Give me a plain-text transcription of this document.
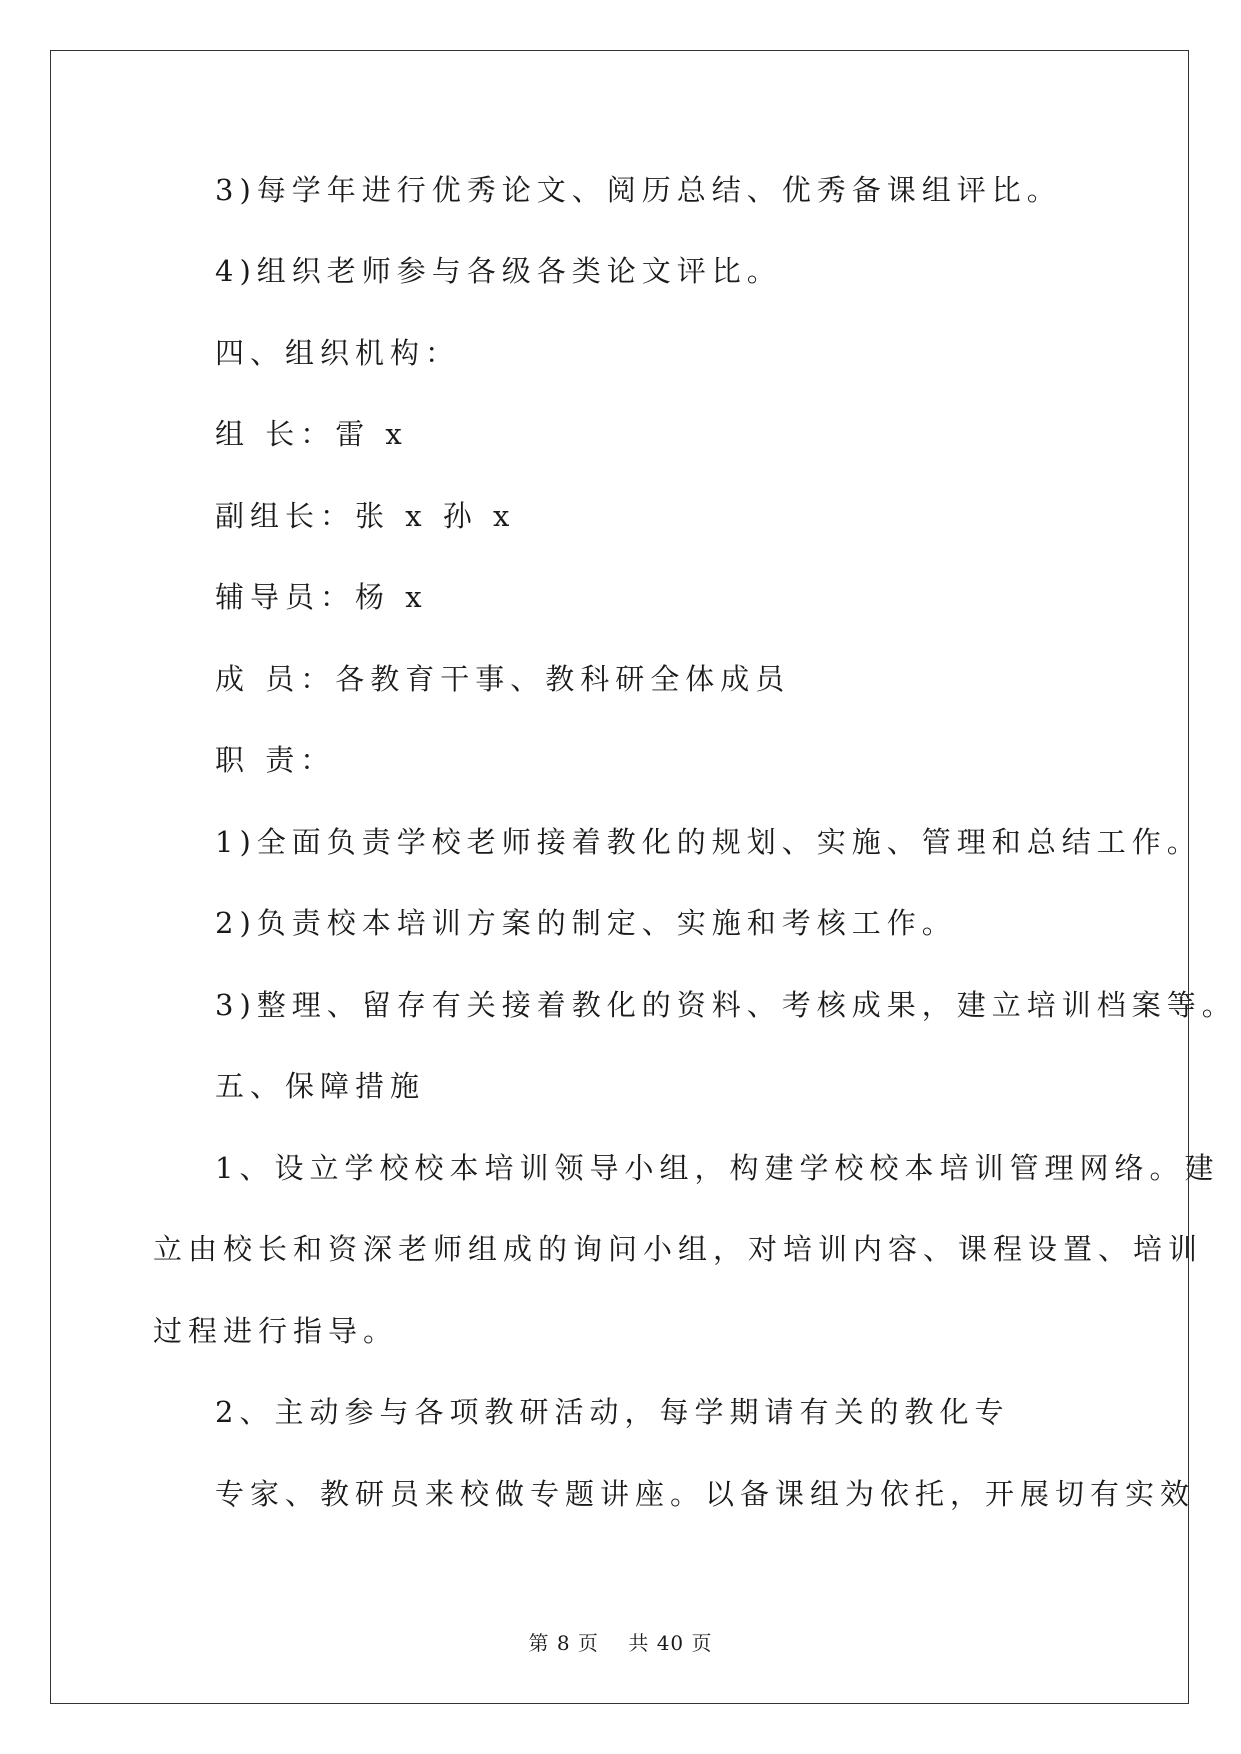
3)每学年进行优秀论文、阅历总结、优秀备课组评比。
4)组织老师参与各级各类论文评比。
四、组织机构：
组 长：雷 x
副组长：张 x 孙 x
辅导员：杨 x
成 员：各教育干事、教科研全体成员
职 责：
1)全面负责学校老师接着教化的规划、实施、管理和总结工作。
2)负责校本培训方案的制定、实施和考核工作。
3)整理、留存有关接着教化的资料、考核成果，建立培训档案等。
五、保障措施
1、设立学校校本培训领导小组，构建学校校本培训管理网络。建
立由校长和资深老师组成的询问小组，对培训内容、课程设置、培训
过程进行指导。
2、主动参与各项教研活动，每学期请有关的教化专
专家、教研员来校做专题讲座。以备课组为依托，开展切有实效
第 8 页    共 40 页
